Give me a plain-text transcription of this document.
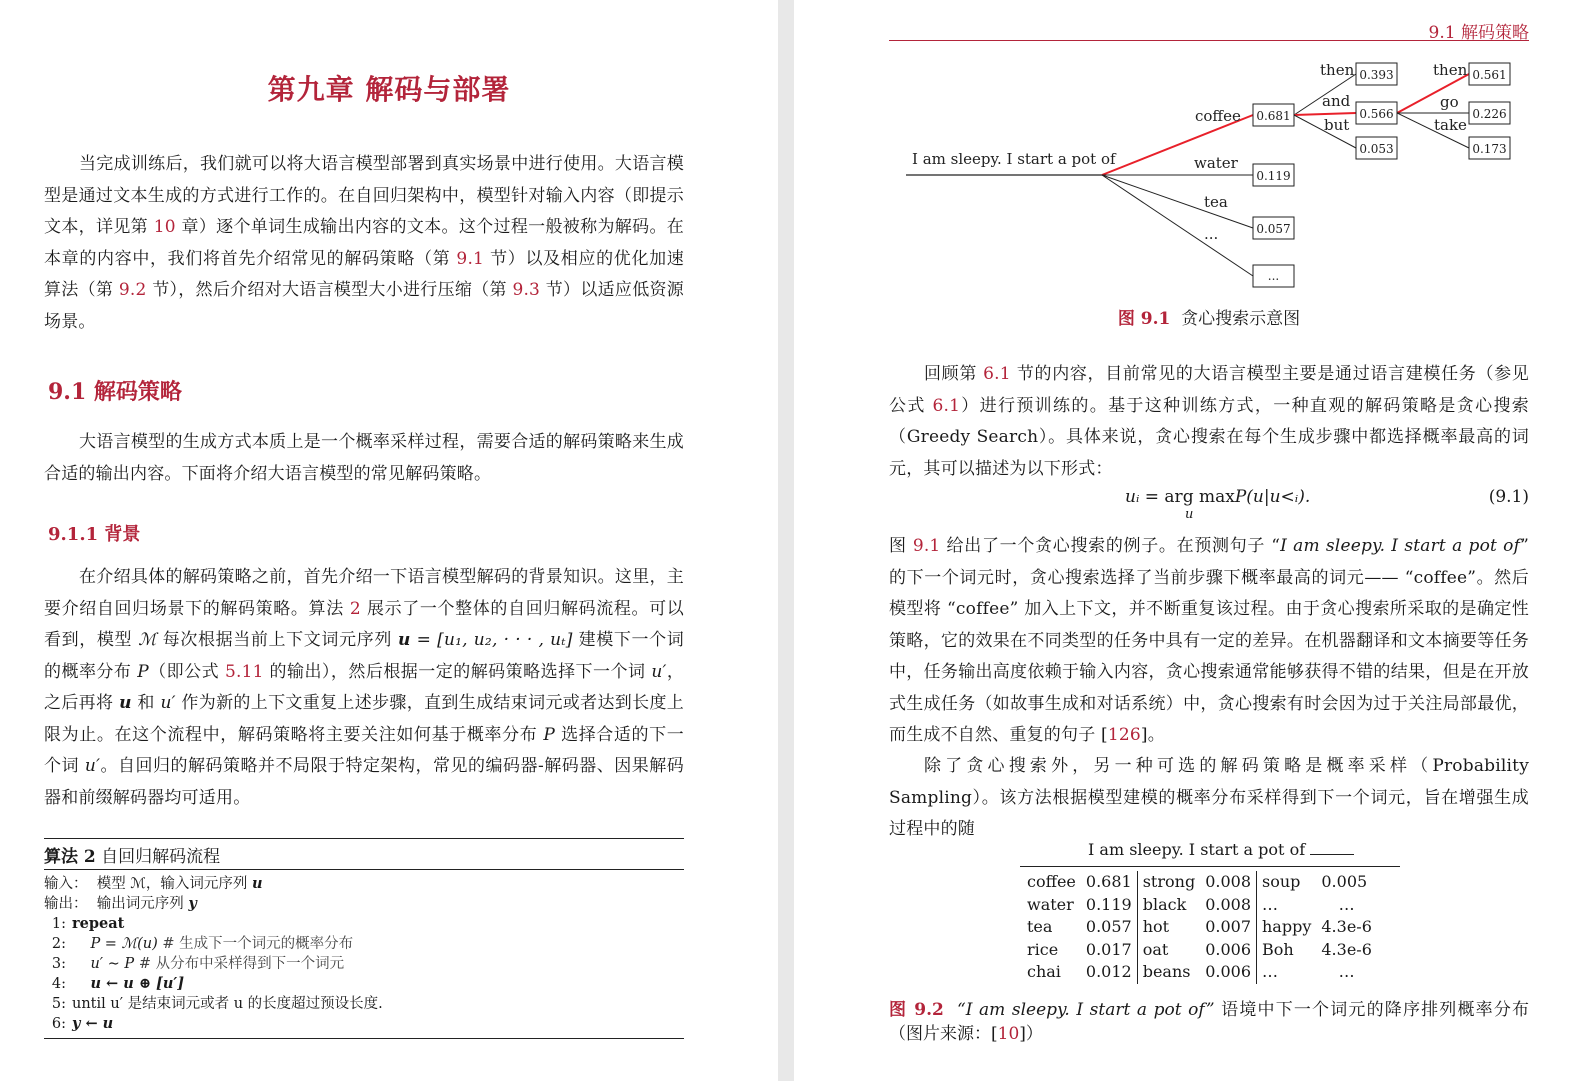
第九章 解码与部署
当完成训练后，我们就可以将大语言模型部署到真实场景中进行使用。大语言模型是通过文本生成的方式进行工作的。在自回归架构中，模型针对输入内容（即提示文本，详见第 10 章）逐个单词生成输出内容的文本。这个过程一般被称为解码。在本章的内容中，我们将首先介绍常见的解码策略（第 9.1 节）以及相应的优化加速算法（第 9.2 节），然后介绍对大语言模型大小进行压缩（第 9.3 节）以适应低资源场景。
9.1 解码策略
大语言模型的生成方式本质上是一个概率采样过程，需要合适的解码策略来生成合适的输出内容。下面将介绍大语言模型的常见解码策略。
9.1.1 背景
在介绍具体的解码策略之前，首先介绍一下语言模型解码的背景知识。这里，主要介绍自回归场景下的解码策略。算法 2 展示了一个整体的自回归解码流程。可以看到，模型 ℳ 每次根据当前上下文词元序列 u = [u₁, u₂, · · · , uₜ] 建模下一个词的概率分布 P（即公式 5.11 的输出），然后根据一定的解码策略选择下一个词 u′，之后再将 u 和 u′ 作为新的上下文重复上述步骤，直到生成结束词元或者达到长度上限为止。在这个流程中，解码策略将主要关注如何基于概率分布 P 选择合适的下一个词 u′。自回归的解码策略并不局限于特定架构，常见的编码器-解码器、因果解码器和前缀解码器均可适用。
算法 2 自回归解码流程
输入： 模型 ℳ，输入词元序列 u
输出： 输出词元序列 y
1: repeat
2: P = ℳ(u) # 生成下一个词元的概率分布
3: u′ ∼ P # 从分布中采样得到下一个词元
4: u ← u ⊕ [u′]
5: until u′ 是结束词元或者 u 的长度超过预设长度.
6: y ← u
9.1 解码策略
I am sleepy. I start a pot of
coffee
water
tea
...
then
and
but
then
go
take
0.681
0.119
0.057
...
0.393
0.566
0.053
0.561
0.226
0.173
图 9.1 贪心搜索示意图
回顾第 6.1 节的内容，目前常见的大语言模型主要是通过语言建模任务（参见公式 6.1）进行预训练的。基于这种训练方式，一种直观的解码策略是贪心搜索（Greedy Search）。具体来说，贪心搜索在每个生成步骤中都选择概率最高的词元，其可以描述为以下形式：
uᵢ = arg maxP(u|u<ᵢ).
u
(9.1)
图 9.1 给出了一个贪心搜索的例子。在预测句子 “I am sleepy. I start a pot of” 的下一个词元时，贪心搜索选择了当前步骤下概率最高的词元—— “coffee”。然后模型将 “coffee” 加入上下文，并不断重复该过程。由于贪心搜索所采取的是确定性策略，它的效果在不同类型的任务中具有一定的差异。在机器翻译和文本摘要等任务中，任务输出高度依赖于输入内容，贪心搜索通常能够获得不错的结果，但是在开放式生成任务（如故事生成和对话系统）中，贪心搜索有时会因为过于关注局部最优，而生成不自然、重复的句子 [126]。
除了贪心搜索外，另一种可选的解码策略是概率采样（Probability Sampling）。该方法根据模型建模的概率分布采样得到下一个词元，旨在增强生成过程中的随
I am sleepy. I start a pot of
coffee	0.681	strong	0.008	soup	0.005
water	0.119	black	0.008	…	…
tea	0.057	hot	0.007	happy	4.3e-6
rice	0.017	oat	0.006	Boh	4.3e-6
chai	0.012	beans	0.006	…	…
图 9.2 “I am sleepy. I start a pot of” 语境中下一个词元的降序排列概率分布（图片来源：[10]）
